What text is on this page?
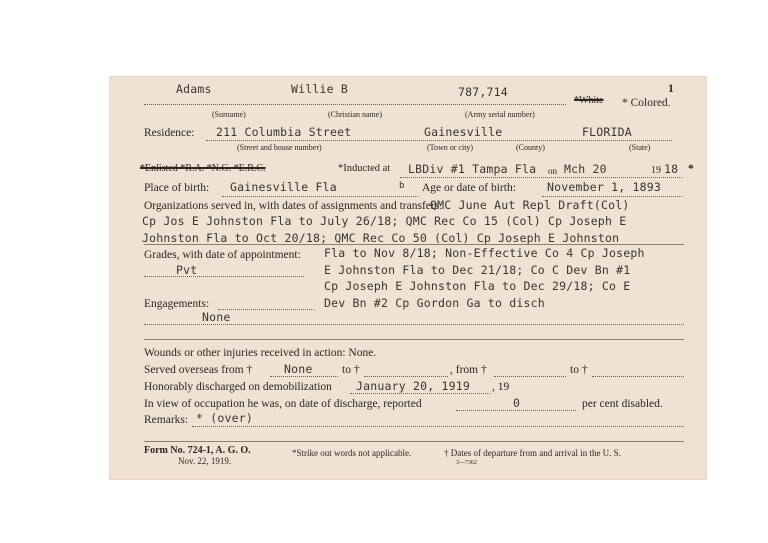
Adams	Willie B	787,714	1
*White * Colored.
(Surname)	(Christian name)	(Army serial number)
Residence: 211 Columbia Street	Gainesville	FLORIDA
(Street and house number)	(Town or city)	(County)	(State)
*Enlisted *R.A. *N.G. *E.R.C.	*Inducted at LBDiv #1 Tampa Fla on Mch 20	19 18 *
Place of birth: Gainesville Fla	b Age or date of birth:	November 1, 1893
Organizations served in, with dates of assignments and transfers:
QMC June Aut Repl Draft(Col)
Cp Jos E Johnston Fla to July 26/18; QMC Rec Co 15 (Col) Cp Joseph E
Johnston Fla to Oct 20/18; QMC Rec Co 50 (Col) Cp Joseph E Johnston
Grades, with date of appointment: Fla to Nov 8/18; Non-Effective Co 4 Cp Joseph
Pvt	E Johnston Fla to Dec 21/18; Co C Dev Bn #1
Cp Joseph E Johnston Fla to Dec 29/18; Co E
Engagements:	Dev Bn #2 Cp Gordon Ga to disch
None
Wounds or other injuries received in action: None.
Served overseas from †	None	to †	, from †	to †
Honorably discharged on demobilization January 20, 1919 , 19
In view of occupation he was, on date of discharge, reported	0	per cent disabled.
Remarks: * (over)
Form No. 724-1, A. G. O.
Nov. 22, 1919.
*Strike out words not applicable.	† Dates of departure from and arrival in the U. S.
3—7362
